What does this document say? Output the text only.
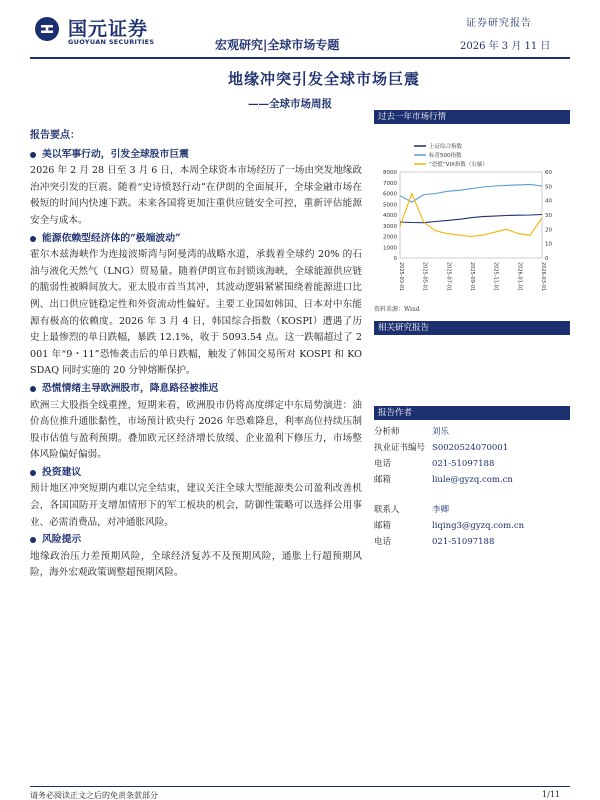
国元证券
GUOYUAN SECURITIES
证券研究报告
宏观研究|全球市场专题	2026 年 3 月 11 日
地缘冲突引发全球市场巨震
——全球市场周报
报告要点：
美以军事行动，引发全球股市巨震
2026 年 2 月 28 日至 3 月 6 日，本周全球资本市场经历了一场由突发地缘政治冲突引发的巨震。随着“史诗愤怒行动”在伊朗的全面展开，全球金融市场在极短的时间内快速下跌。未来各国将更加注重供应链安全可控，重新评估能源安全与成本。
能源依赖型经济体的“极端波动”
霍尔木兹海峡作为连接波斯湾与阿曼湾的战略水道，承载着全球约 20% 的石油与液化天然气（LNG）贸易量。随着伊朗宣布封锁该海峡，全球能源供应链的脆弱性被瞬间放大。亚太股市首当其冲，其波动逻辑紧紧围绕着能源进口比例、出口供应链稳定性和外资流动性偏好。主要工业国如韩国、日本对中东能源有极高的依赖度。2026 年 3 月 4 日，韩国综合指数（KOSPI）遭遇了历史上最惨烈的单日跌幅，暴跌 12.1%，收于 5093.54 点。这一跌幅超过了 2001 年“9・11”恐怖袭击后的单日跌幅，触发了韩国交易所对 KOSPI 和 KOSDAQ 同时实施的 20 分钟熔断保护。
恐慌情绪主导欧洲股市，降息路径被推迟
欧洲三大股指全线重挫，短期来看，欧洲股市仍将高度绑定中东局势演进：油价高位推升通胀黏性，市场预计欧央行 2026 年恐难降息，利率高位持续压制股市估值与盈利预期。叠加欧元区经济增长放缓、企业盈利下修压力，市场整体风险偏好偏弱。
投资建议
预计地区冲突短期内难以完全结束，建议关注全球大型能源类公司盈利改善机会，各国国防开支增加情形下的军工板块的机会，防御性策略可以选择公用事业、必需消费品，对冲通胀风险。
风险提示
地缘政治压力差预期风险，全球经济复苏不及预期风险，通胀上行超预期风险，海外宏观政策调整超预期风险。
过去一年市场行情
0
1000
2000
3000
4000
5000
6000
7000
8000
0
10
20
30
40
50
60
2025-03-01	2025-05-01	2025-07-01	2025-09-01	2025-11-01	2026-01-01	2026-03-01
上证综合指数
标普500指数
“恐慌”VIX指数（右轴）
资料来源：Wind
相关研究报告
报告作者
分析师	刘乐
执业证书编号 S0020524070001
电话	021-51097188
邮箱	liule@gyzq.com.cn
联系人	李卿
邮箱	liqing3@gyzq.com.cn
电话	021-51097188
请务必阅读正文之后的免责条款部分	1/11
